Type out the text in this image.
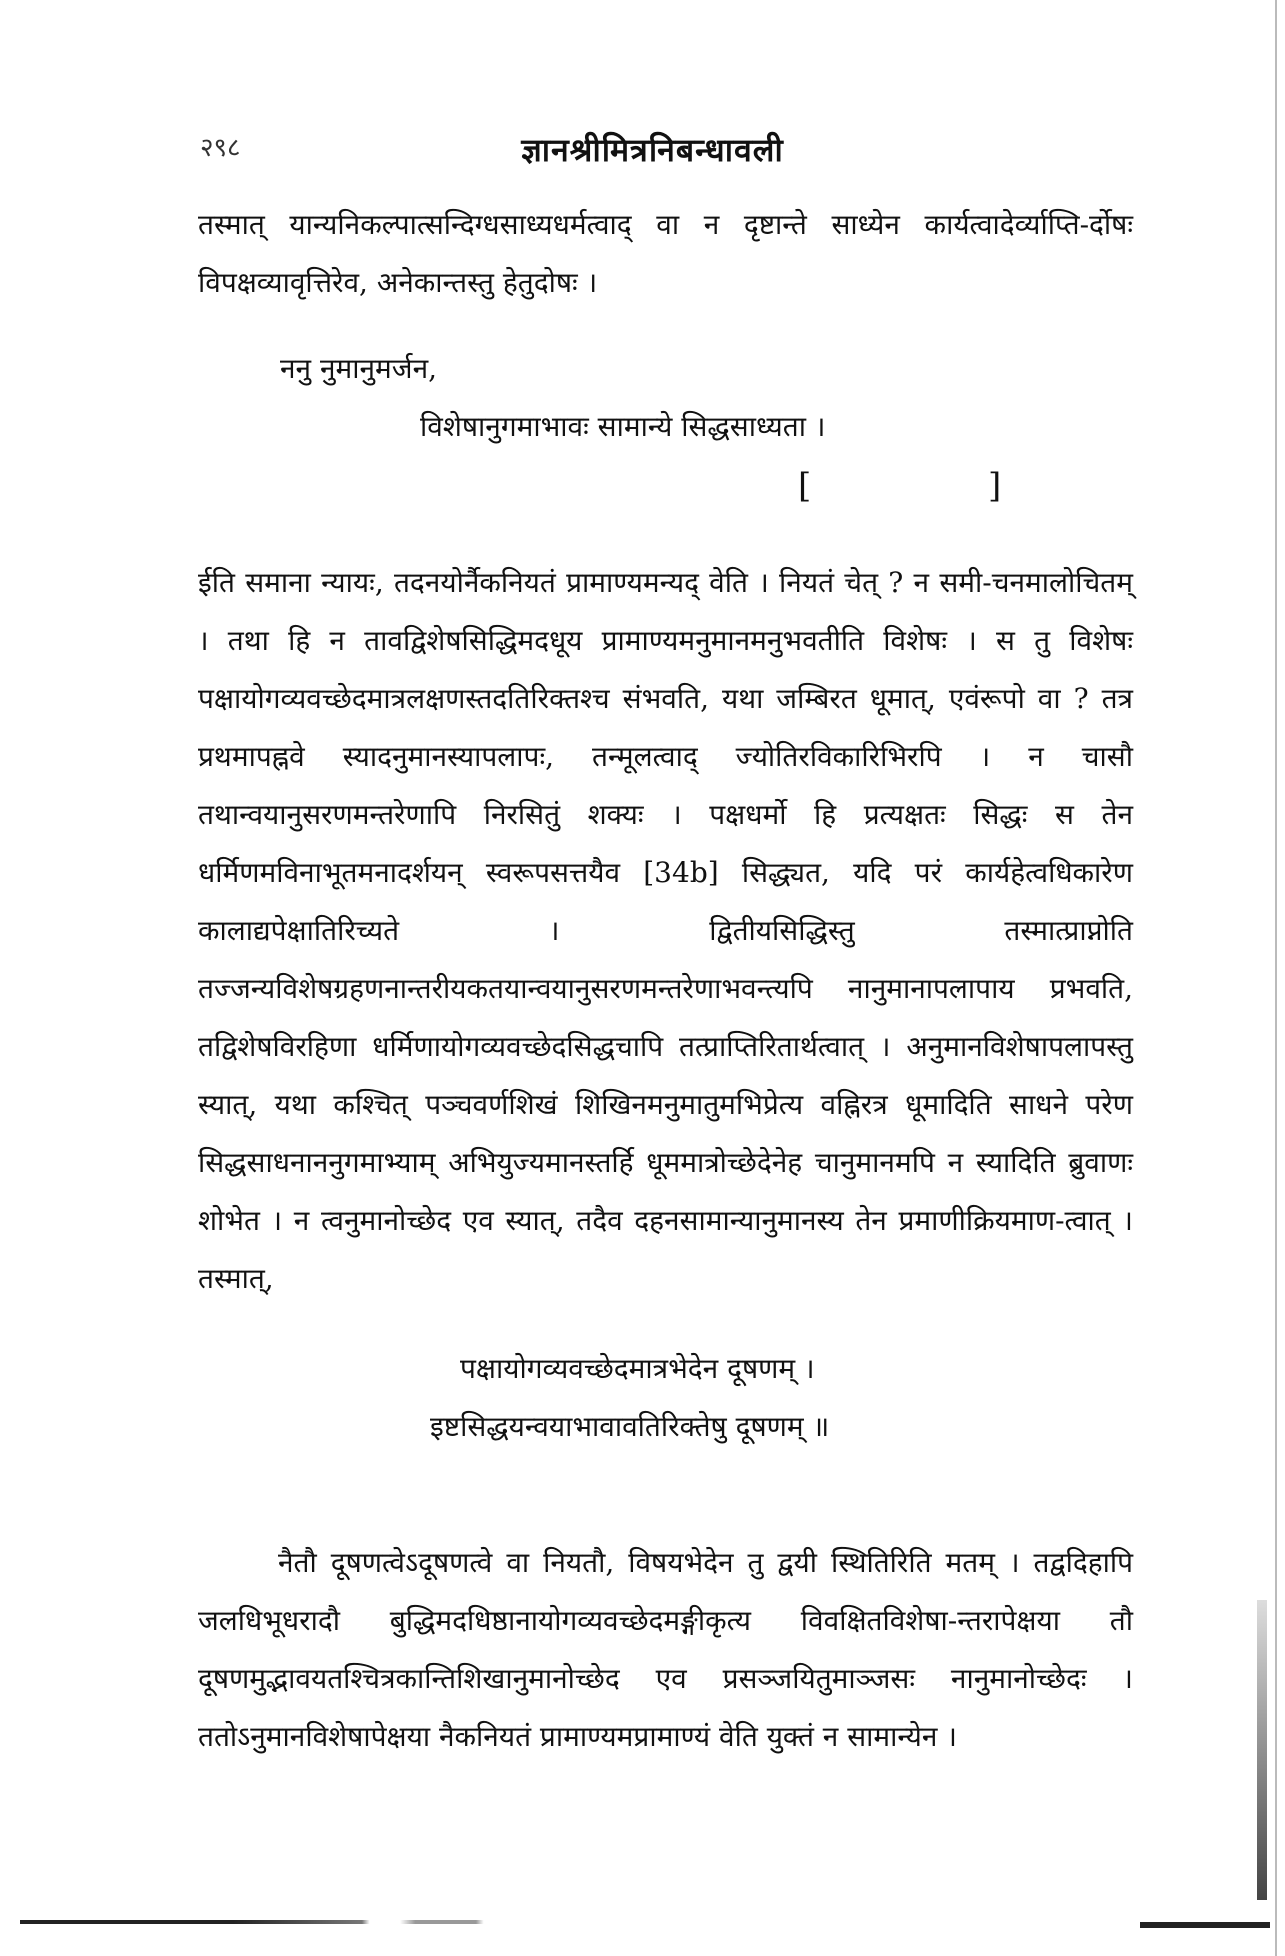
२९८	ज्ञानश्रीमित्रनिबन्धावली

तस्मात् यान्यनिकल्पात्सन्दिग्धसाध्यधर्मत्वाद् वा न दृष्टान्ते साध्येन कार्यत्वादेर्व्याप्ति-र्दोषः विपक्षव्यावृत्तिरेव, अनेकान्तस्तु हेतुदोषः ।

ननु नुमानुमर्जन,

विशेषानुगमाभावः सामान्ये सिद्धसाध्यता ।
[	]

ईति समाना न्यायः, तदनयोर्नैकनियतं प्रामाण्यमन्यद् वेति । नियतं चेत् ? न समी-चनमालोचितम् । तथा हि न तावद्विशेषसिद्धिमदधूय प्रामाण्यमनुमानमनुभवतीति विशेषः । स तु विशेषः पक्षायोगव्यवच्छेदमात्रलक्षणस्तदतिरिक्तश्च संभवति, यथा जम्बिरत धूमात्, एवंरूपो वा ? तत्र प्रथमापह्नवे स्यादनुमानस्यापलापः, तन्मूलत्वाद् ज्योतिरविकारिभिरपि । न चासौ तथान्वयानुसरणमन्तरेणापि निरसितुं शक्यः । पक्षधर्मो हि प्रत्यक्षतः सिद्धः स तेन धर्मिणमविनाभूतमनादर्शयन् स्वरूपसत्तयैव [34b] सिद्ध्यत, यदि परं कार्यहेत्वधिकारेण कालाद्यपेक्षातिरिच्यते । द्वितीयसिद्धिस्तु तस्मात्प्राप्नोति तज्जन्यविशेषग्रहणनान्तरीयकतयान्वयानुसरणमन्तरेणाभवन्त्यपि नानुमानापलापाय प्रभवति, तद्विशेषविरहिणा धर्मिणायोगव्यवच्छेदसिद्धचापि तत्प्राप्तिरितार्थत्वात् । अनुमानविशेषापलापस्तु स्यात्, यथा कश्चित् पञ्चवर्णशिखं शिखिनमनुमातुमभिप्रेत्य वह्निरत्र धूमादिति साधने परेण सिद्धसाधनाननुगमाभ्याम् अभियुज्यमानस्तर्हि धूममात्रोच्छेदेनेह चानुमानमपि न स्यादिति ब्रुवाणः शोभेत । न त्वनुमानोच्छेद एव स्यात्, तदैव दहनसामान्यानुमानस्य तेन प्रमाणीक्रियमाण-त्वात् । तस्मात्,

पक्षायोगव्यवच्छेदमात्रभेदेन दूषणम् ।
इष्टसिद्धयन्वयाभावावतिरिक्तेषु दूषणम् ॥

नैतौ दूषणत्वेऽदूषणत्वे वा नियतौ, विषयभेदेन तु द्वयी स्थितिरिति मतम् । तद्वदिहापि जलधिभूधरादौ बुद्धिमदधिष्ठानायोगव्यवच्छेदमङ्गीकृत्य विवक्षितविशेषा-न्तरापेक्षया तौ दूषणमुद्भावयतश्चित्रकान्तिशिखानुमानोच्छेद एव प्रसञ्जयितुमाञ्जसः नानुमानोच्छेदः । ततोऽनुमानविशेषापेक्षया नैकनियतं प्रामाण्यमप्रामाण्यं वेति युक्तं न सामान्येन ।
